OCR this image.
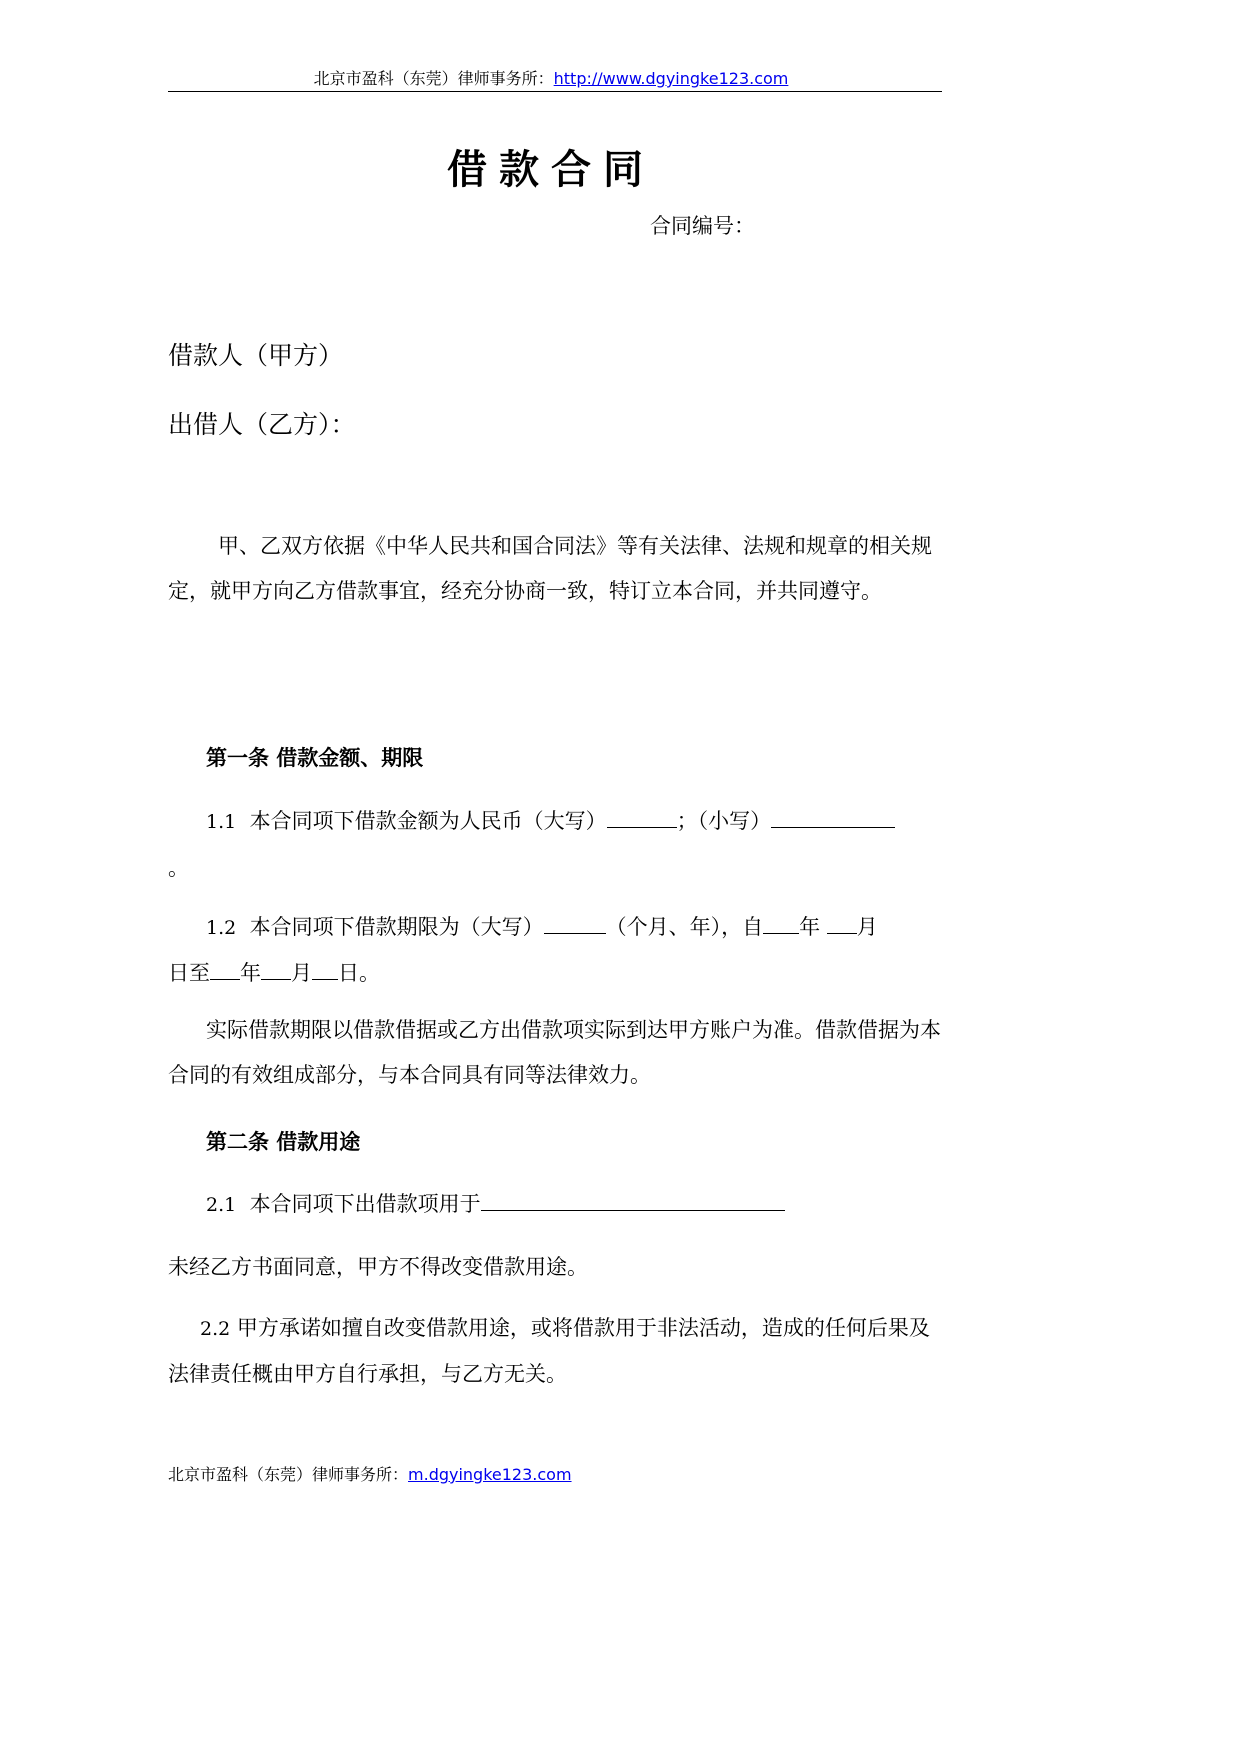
北京市盈科（东莞）律师事务所：http://www.dgyingke123.com
借款合同
合同编号：
借款人（甲方）
出借人（乙方）：
甲、乙双方依据《中华人民共和国合同法》等有关法律、法规和规章的相关规定，就甲方向乙方借款事宜，经充分协商一致，特订立本合同，并共同遵守。
第一条 借款金额、期限
1.1 本合同项下借款金额为人民币（大写）	；（小写）
。
1.2 本合同项下借款期限为（大写）	（个月、年），自 年 月
日至 年 月 日。
实际借款期限以借款借据或乙方出借款项实际到达甲方账户为准。借款借据为本合同的有效组成部分，与本合同具有同等法律效力。
第二条 借款用途
2.1 本合同项下出借款项用于
未经乙方书面同意，甲方不得改变借款用途。
2.2 甲方承诺如擅自改变借款用途，或将借款用于非法活动，造成的任何后果及法律责任概由甲方自行承担，与乙方无关。
北京市盈科（东莞）律师事务所：m.dgyingke123.com
